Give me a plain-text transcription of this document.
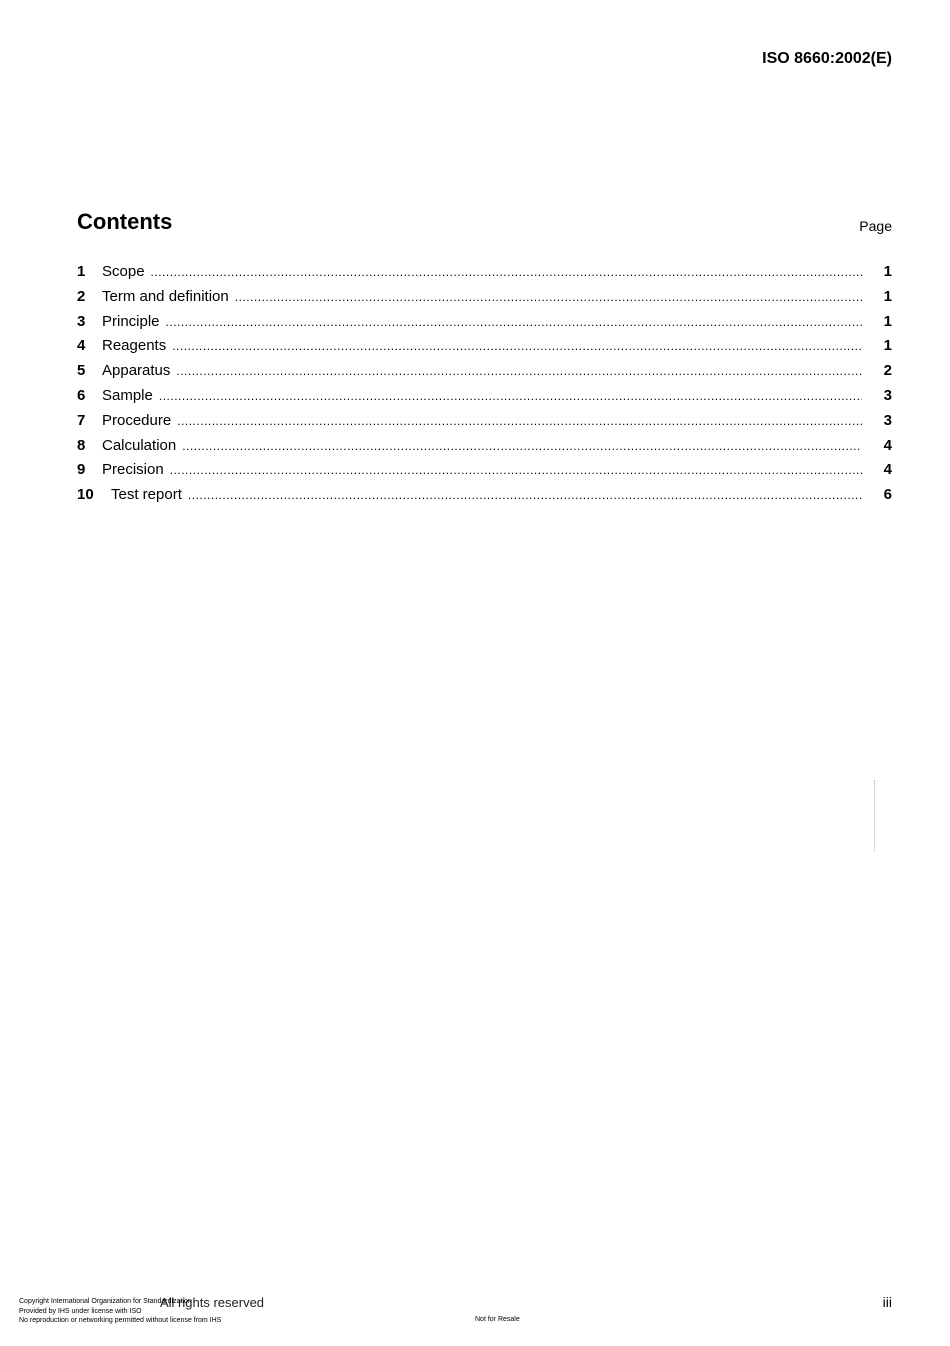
ISO 8660:2002(E)
Contents	Page
1	Scope .....	1
2	Term and definition .....	1
3	Principle .....	1
4	Reagents .....	1
5	Apparatus .....	2
6	Sample .....	3
7	Procedure .....	3
8	Calculation .....	4
9	Precision .....	4
10	Test report .....	6
All rights reserved
Copyright International Organization for Standardization
Provided by IHS under license with ISO
No reproduction or networking permitted without license from IHS	Not for Resale
iii
